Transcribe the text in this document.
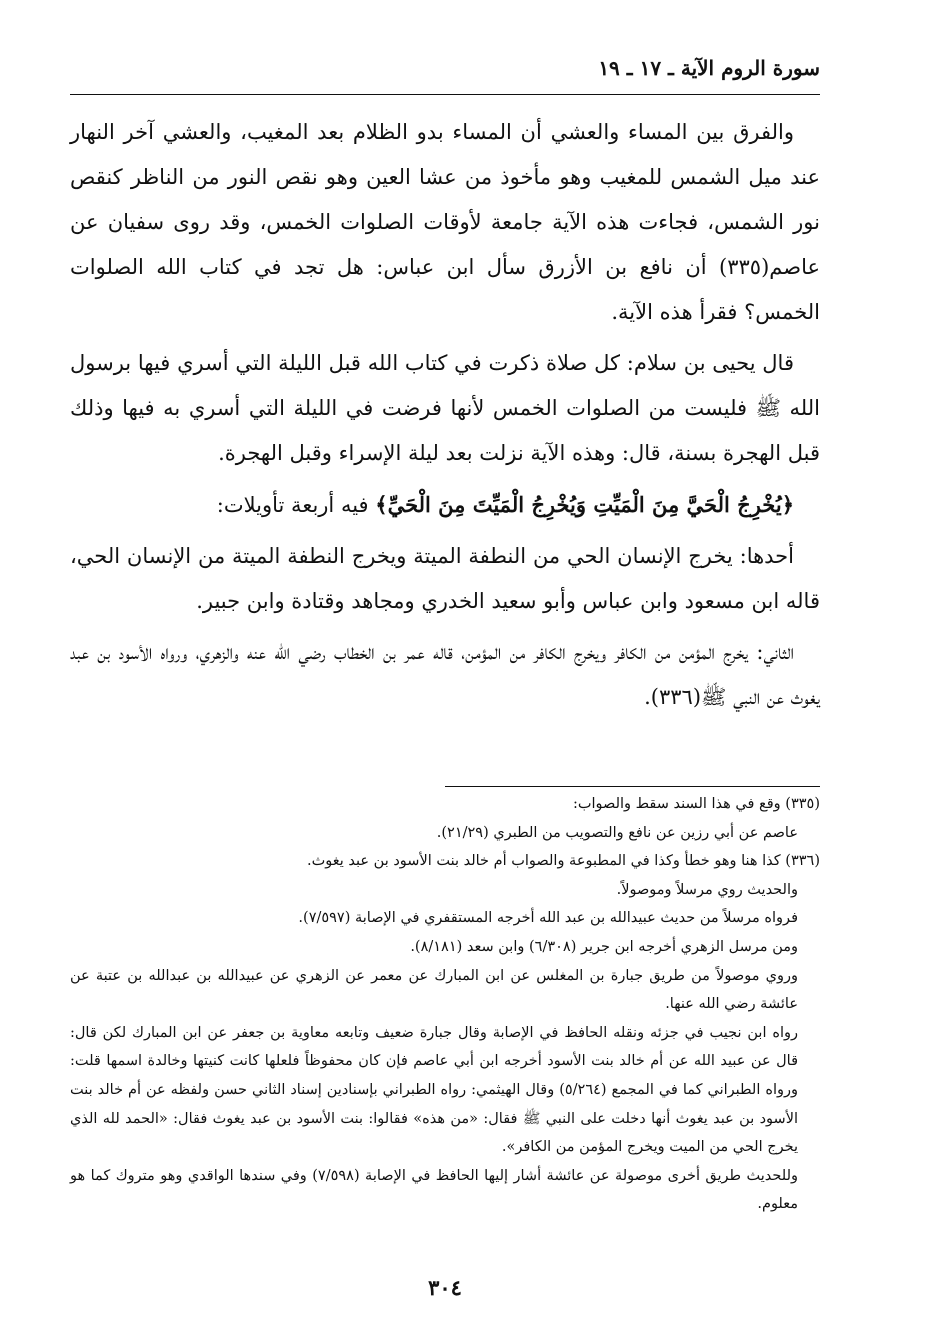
سورة الروم الآية ـ ١٧ ـ ١٩

والفرق بين المساء والعشي أن المساء بدو الظلام بعد المغيب، والعشي آخر النهار عند ميل الشمس للمغيب وهو مأخوذ من عشا العين وهو نقص النور من الناظر كنقص نور الشمس، فجاءت هذه الآية جامعة لأوقات الصلوات الخمس، وقد روى سفيان عن عاصم(٣٣٥) أن نافع بن الأزرق سأل ابن عباس: هل تجد في كتاب الله الصلوات الخمس؟ فقرأ هذه الآية.

قال يحيى بن سلام: كل صلاة ذكرت في كتاب الله قبل الليلة التي أسري فيها برسول الله ﷺ فليست من الصلوات الخمس لأنها فرضت في الليلة التي أسري به فيها وذلك قبل الهجرة بسنة، قال: وهذه الآية نزلت بعد ليلة الإسراء وقبل الهجرة.

﴿يُخْرِجُ الْحَيَّ مِنَ الْمَيِّتِ وَيُخْرِجُ الْمَيِّتَ مِنَ الْحَيِّ﴾ فيه أربعة تأويلات:

أحدها: يخرج الإنسان الحي من النطفة الميتة ويخرج النطفة الميتة من الإنسان الحي، قاله ابن مسعود وابن عباس وأبو سعيد الخدري ومجاهد وقتادة وابن جبير.

الثاني: يخرج المؤمن من الكافر ويخرج الكافر من المؤمن، قاله عمر بن الخطاب رضي الله عنه والزهري، ورواه الأسود بن عبد يغوث عن النبي ﷺ(٣٣٦).

(٣٣٥) وقع في هذا السند سقط والصواب:

عاصم عن أبي رزين عن نافع والتصويب من الطبري (٢١/٢٩).

(٣٣٦) كذا هنا وهو خطأ وكذا في المطبوعة والصواب أم خالد بنت الأسود بن عبد يغوث.

والحديث روي مرسلاً وموصولاً.

فرواه مرسلاً من حديث عبيدالله بن عبد الله أخرجه المستقفري في الإصابة (٧/٥٩٧).

ومن مرسل الزهري أخرجه ابن جرير (٦/٣٠٨) وابن سعد (٨/١٨١).

وروي موصولاً من طريق جبارة بن المغلس عن ابن المبارك عن معمر عن الزهري عن عبيدالله بن عبدالله بن عتبة عن عائشة رضي الله عنها.

رواه ابن نجيب في جزئه ونقله الحافظ في الإصابة وقال جبارة ضعيف وتابعه معاوية بن جعفر عن ابن المبارك لكن قال: قال عن عبيد الله عن أم خالد بنت الأسود أخرجه ابن أبي عاصم فإن كان محفوظاً فلعلها كانت كنيتها وخالدة اسمها قلت: ورواه الطبراني كما في المجمع (٥/٢٦٤) وقال الهيثمي: رواه الطبراني بإسنادين إسناد الثاني حسن ولفظه عن أم خالد بنت الأسود بن عبد يغوث أنها دخلت على النبي ﷺ فقال: «من هذه» فقالوا: بنت الأسود بن عبد يغوث فقال: «الحمد لله الذي يخرج الحي من الميت ويخرج المؤمن من الكافر».

وللحديث طريق أخرى موصولة عن عائشة أشار إليها الحافظ في الإصابة (٧/٥٩٨) وفي سندها الواقدي وهو متروك كما هو معلوم.

٣٠٤
